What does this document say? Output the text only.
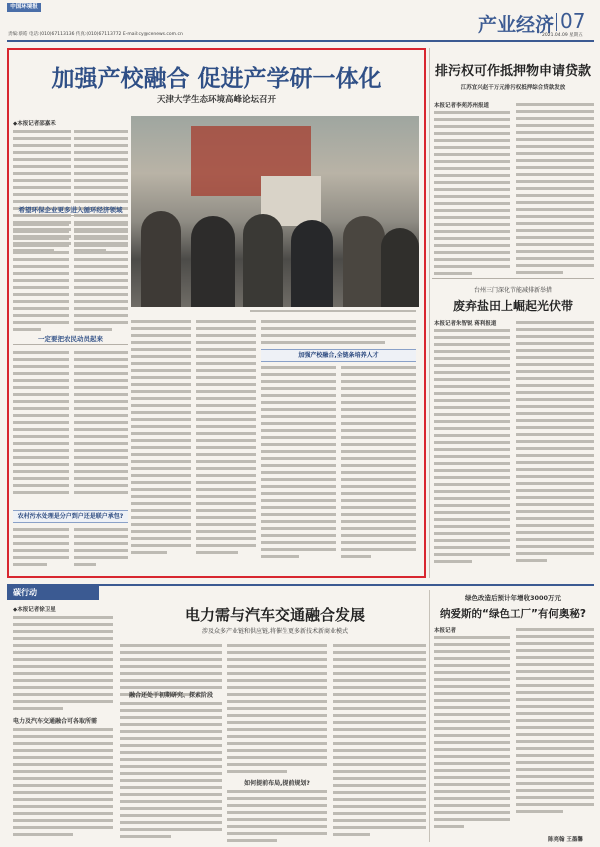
中国环境报
责编:蔡皓 电话:(010)67113136 传真:(010)67113772 E-mail:cy@cenews.com.cn	产业经济 07
2021.04.09 星期五
加强产校融合 促进产学研一体化
天津大学生态环境高峰论坛召开
◆本报记者邵嘉禾
希望环保企业更多进入循环经济领域
一定要把农民动员起来
农村污水处理是分户到户还是联户承包?
加强产校融合,全链条培养人才
排污权可作抵押物申请贷款
江苏宜兴赵干万元排污权抵押综合贷款发放
本报记者李苑苏州报道
台州三门深化节能减排新举措
废弃盐田上崛起光伏带
本报记者朱智锐 蒋利报道
碳行动
◆本报记者徐卫星	电力需与汽车交通融合发展
涉及众多产业链和供应链,将催生更多新技术新商业模式
电力及汽车交通融合可各取所需
融合还处于初期研究、探索阶段
如何提前布局,提前规划?
绿色改造后预计年增收3000万元
纳爱斯的“绿色工厂”有何奥秘?
本报记者
陈亮翰 王墨馨
